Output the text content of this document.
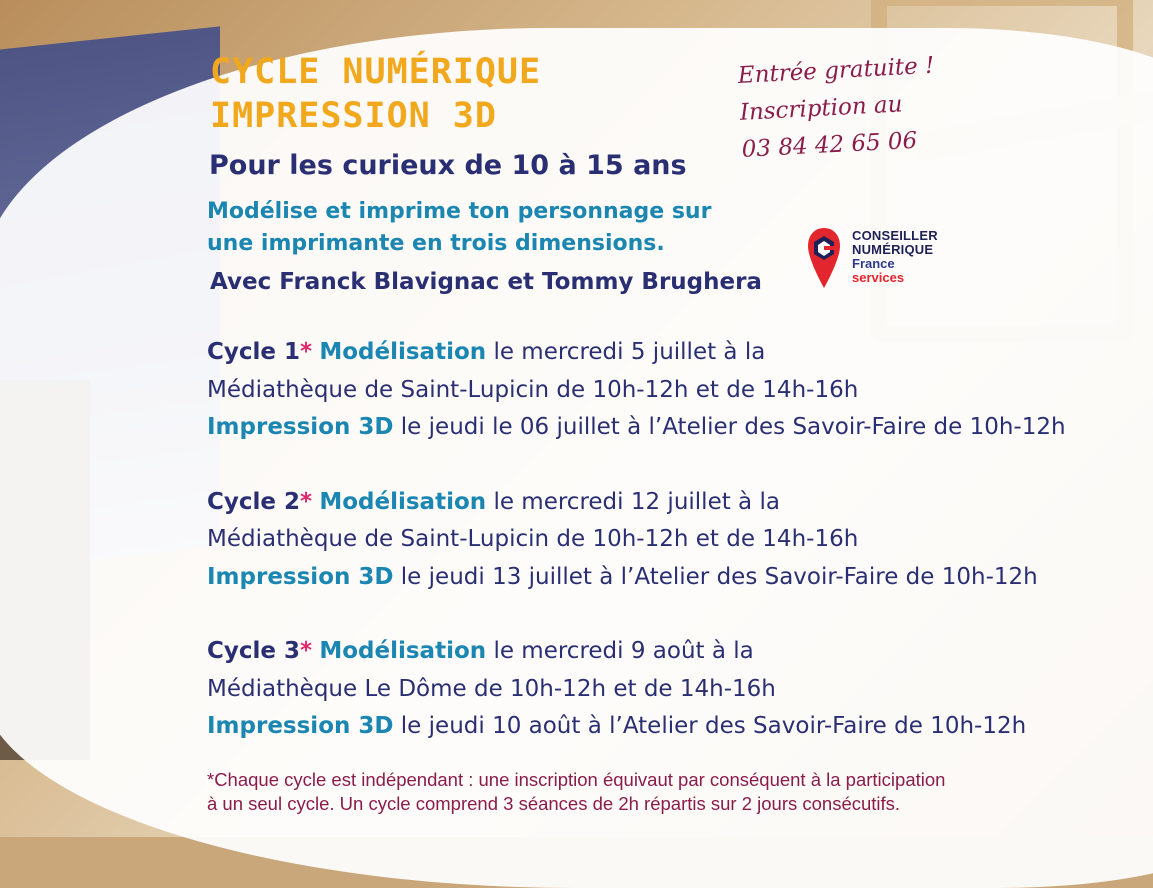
CYCLE NUMÉRIQUE
IMPRESSION 3D
Pour les curieux de 10 à 15 ans
Modélise et imprime ton personnage sur
une imprimante en trois dimensions.
Avec Franck Blavignac et Tommy Brughera
Entrée gratuite !
Inscription au
03 84 42 65 06
CONSEILLER
NUMÉRIQUE
France
services
Cycle 1* Modélisation le mercredi 5 juillet à la
Médiathèque de Saint-Lupicin de 10h-12h et de 14h-16h
Impression 3D le jeudi le 06 juillet à l’Atelier des Savoir-Faire de 10h-12h
Cycle 2* Modélisation le mercredi 12 juillet à la
Médiathèque de Saint-Lupicin de 10h-12h et de 14h-16h
Impression 3D le jeudi 13 juillet à l’Atelier des Savoir-Faire de 10h-12h
Cycle 3* Modélisation le mercredi 9 août à la
Médiathèque Le Dôme de 10h-12h et de 14h-16h
Impression 3D le jeudi 10 août à l’Atelier des Savoir-Faire de 10h-12h
*Chaque cycle est indépendant : une inscription équivaut par conséquent à la participation
à un seul cycle. Un cycle comprend 3 séances de 2h répartis sur 2 jours consécutifs.
